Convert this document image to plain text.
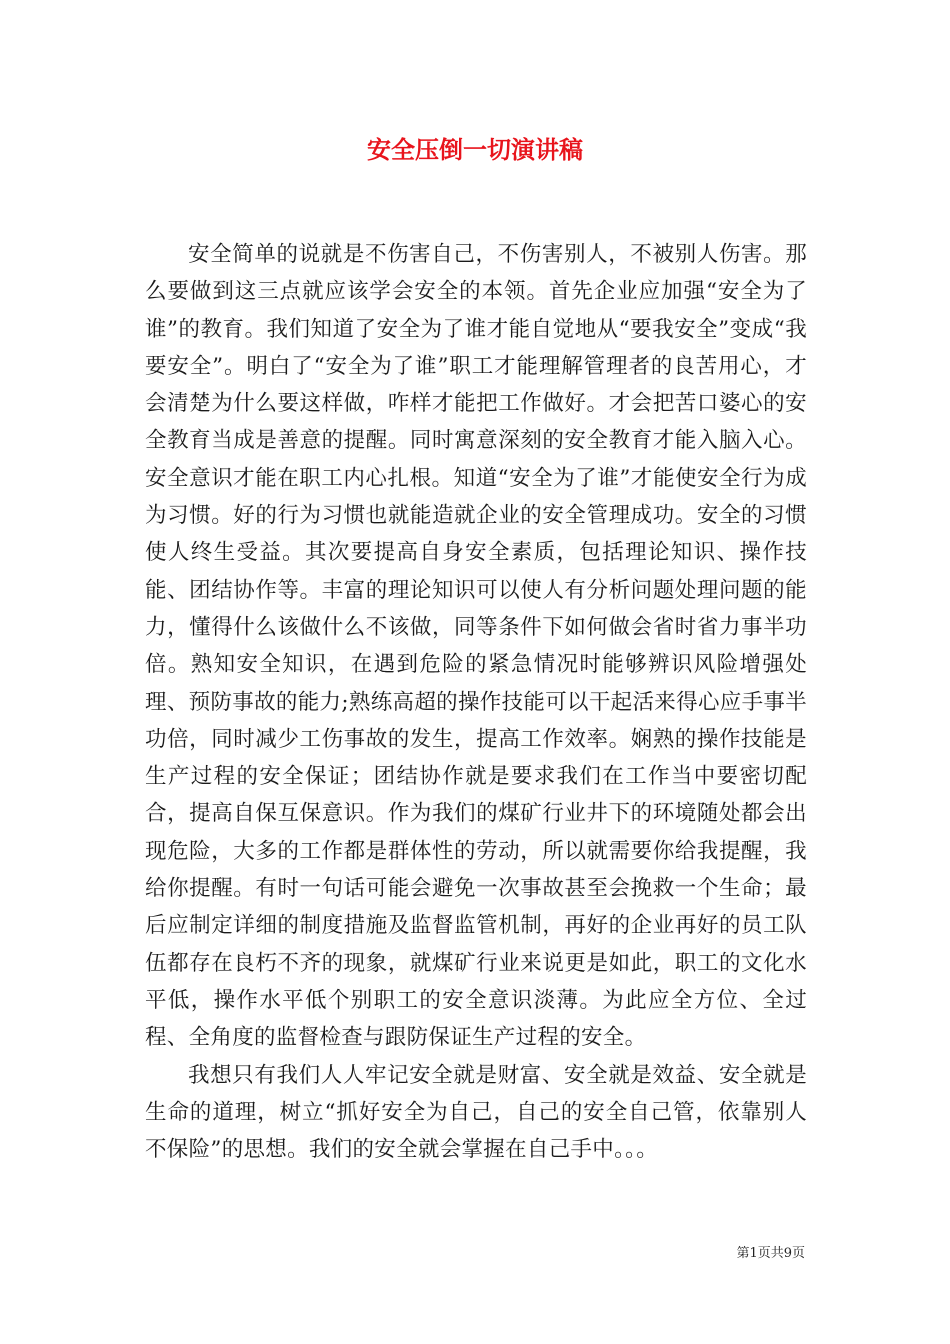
安全压倒一切演讲稿

安全简单的说就是不伤害自己，不伤害别人，不被别人伤害。那么要做到这三点就应该学会安全的本领。首先企业应加强“安全为了谁”的教育。我们知道了安全为了谁才能自觉地从“要我安全”变成“我要安全”。明白了“安全为了谁”职工才能理解管理者的良苦用心，才会清楚为什么要这样做，咋样才能把工作做好。才会把苦口婆心的安全教育当成是善意的提醒。同时寓意深刻的安全教育才能入脑入心。安全意识才能在职工内心扎根。知道“安全为了谁”才能使安全行为成为习惯。好的行为习惯也就能造就企业的安全管理成功。安全的习惯使人终生受益。其次要提高自身安全素质，包括理论知识、操作技能、团结协作等。丰富的理论知识可以使人有分析问题处理问题的能力，懂得什么该做什么不该做，同等条件下如何做会省时省力事半功倍。熟知安全知识，在遇到危险的紧急情况时能够辨识风险增强处理、预防事故的能力;熟练高超的操作技能可以干起活来得心应手事半功倍，同时减少工伤事故的发生，提高工作效率。娴熟的操作技能是生产过程的安全保证；团结协作就是要求我们在工作当中要密切配合，提高自保互保意识。作为我们的煤矿行业井下的环境随处都会出现危险，大多的工作都是群体性的劳动，所以就需要你给我提醒，我给你提醒。有时一句话可能会避免一次事故甚至会挽救一个生命；最后应制定详细的制度措施及监督监管机制，再好的企业再好的员工队伍都存在良朽不齐的现象，就煤矿行业来说更是如此，职工的文化水平低，操作水平低个别职工的安全意识淡薄。为此应全方位、全过程、全角度的监督检查与跟防保证生产过程的安全。

我想只有我们人人牢记安全就是财富、安全就是效益、安全就是生命的道理，树立“抓好安全为自己，自己的安全自己管，依靠别人不保险”的思想。我们的安全就会掌握在自己手中。。。

第1页共9页
